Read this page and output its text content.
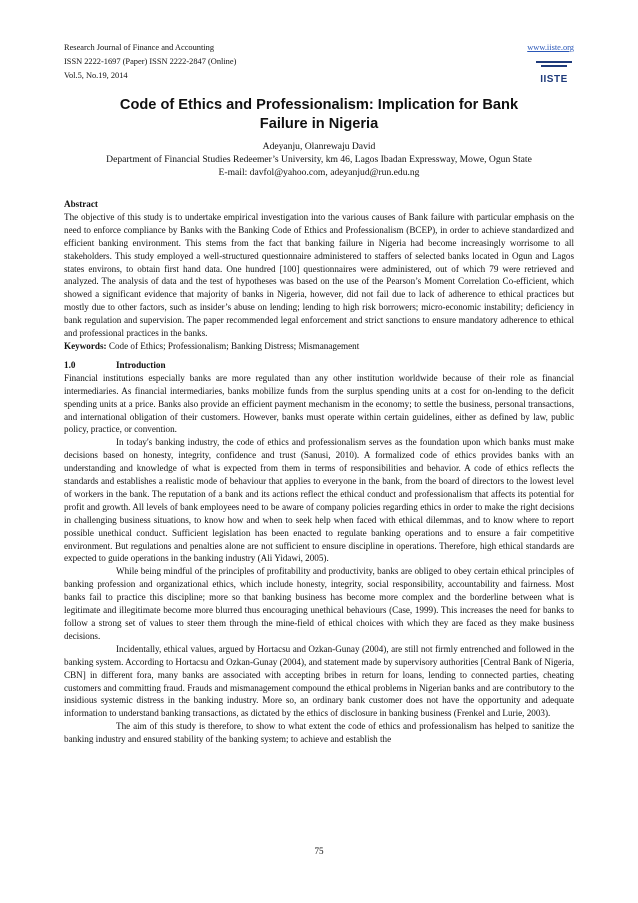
Research Journal of Finance and Accounting
ISSN 2222-1697 (Paper) ISSN 2222-2847 (Online)
Vol.5, No.19, 2014
www.iiste.org
IISTE
Code of Ethics and Professionalism: Implication for Bank
Failure in Nigeria
Adeyanju, Olanrewaju David
Department of Financial Studies Redeemer’s University, km 46, Lagos Ibadan Expressway, Mowe, Ogun State
E-mail: davfol@yahoo.com, adeyanjud@run.edu.ng

Abstract

The objective of this study is to undertake empirical investigation into the various causes of Bank failure with particular emphasis on the need to enforce compliance by Banks with the Banking Code of Ethics and Professionalism (BCEP), in order to achieve standardized and efficient banking environment. This stems from the fact that banking failure in Nigeria had become increasingly worrisome to all stakeholders. This study employed a well-structured questionnaire administered to staffers of selected banks located in Ogun and Lagos states environs, to obtain first hand data. One hundred [100] questionnaires were administered, out of which 79 were retrieved and analyzed. The analysis of data and the test of hypotheses was based on the use of the Pearson’s Moment Correlation Co-efficient, which showed a significant evidence that majority of banks in Nigeria, however, did not fail due to lack of adherence to ethical practices but mostly due to other factors, such as insider’s abuse on lending; lending to high risk borrowers; micro-economic instability; deficiency in bank regulation and supervision. The paper recommended legal enforcement and strict sanctions to ensure mandatory adherence to ethical and professional practices in the banks.

Keywords: Code of Ethics; Professionalism; Banking Distress; Mismanagement

1.0	Introduction

Financial institutions especially banks are more regulated than any other institution worldwide because of their role as financial intermediaries. As financial intermediaries, banks mobilize funds from the surplus spending units at a cost for on-lending to the deficit spending units at a price. Banks also provide an efficient payment mechanism in the economy; to settle the business, personal transactions, and international obligation of their customers. However, banks must operate within certain guidelines, either as defined by law, public policy, practice, or convention.

In today's banking industry, the code of ethics and professionalism serves as the foundation upon which banks must make decisions based on honesty, integrity, confidence and trust (Sanusi, 2010). A formalized code of ethics provides banks with an understanding and knowledge of what is expected from them in terms of responsibilities and behavior. A code of ethics reflects the standards and establishes a realistic mode of behaviour that applies to everyone in the bank, from the board of directors to the lowest level of workers in the bank. The reputation of a bank and its actions reflect the ethical conduct and professionalism that affects its potential for profit and growth. All levels of bank employees need to be aware of company policies regarding ethics in order to make the right decisions in challenging business situations, to know how and when to seek help when faced with ethical dilemmas, and to know where to report possible unethical conduct. Sufficient legislation has been enacted to regulate banking operations and to ensure a fair competitive environment. But regulations and penalties alone are not sufficient to ensure discipline in operations. Therefore, high ethical standards are expected to guide operations in the banking industry (Ali Yidawi, 2005).

While being mindful of the principles of profitability and productivity, banks are obliged to obey certain ethical principles of banking profession and organizational ethics, which include honesty, integrity, social responsibility, accountability and fairness. Most banks fail to practice this discipline; more so that banking business has become more complex and the borderline between what is legitimate and illegitimate become more blurred thus encouraging unethical behaviours (Case, 1999). This increases the need for banks to follow a strong set of values to steer them through the mine-field of ethical choices with which they are faced as they make business decisions.

Incidentally, ethical values, argued by Hortacsu and Ozkan-Gunay (2004), are still not firmly entrenched and followed in the banking system. According to Hortacsu and Ozkan-Gunay (2004), and statement made by supervisory authorities [Central Bank of Nigeria, CBN] in different fora, many banks are associated with accepting bribes in return for loans, lending to connected parties, cheating customers and committing fraud. Frauds and mismanagement compound the ethical problems in Nigerian banks and are contributory to the insidious systemic distress in the banking industry. More so, an ordinary bank customer does not have the opportunity and adequate information to understand banking transactions, as dictated by the ethics of disclosure in banking business (Frenkel and Lurie, 2003).

The aim of this study is therefore, to show to what extent the code of ethics and professionalism has helped to sanitize the banking industry and ensured stability of the banking system; to achieve and establish the

75
